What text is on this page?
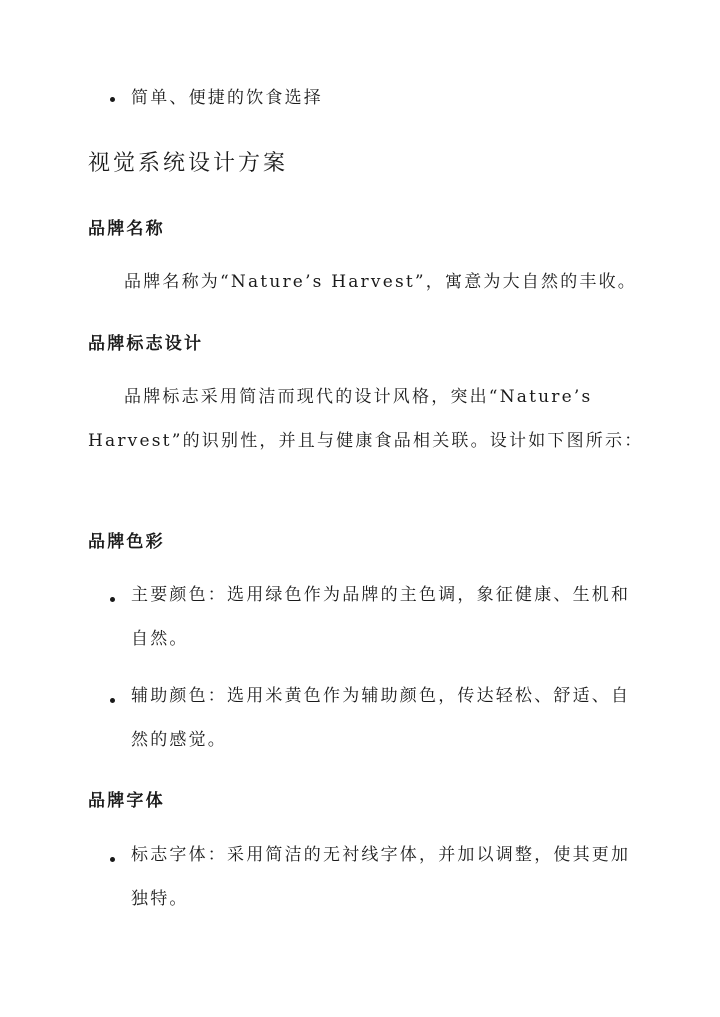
简单、便捷的饮食选择
视觉系统设计方案
品牌名称
品牌名称为“Nature’s Harvest”，寓意为大自然的丰收。
品牌标志设计
品牌标志采用简洁而现代的设计风格，突出“Nature’s
Harvest”的识别性，并且与健康食品相关联。设计如下图所示：
品牌色彩
主要颜色：选用绿色作为品牌的主色调，象征健康、生机和
自然。
辅助颜色：选用米黄色作为辅助颜色，传达轻松、舒适、自
然的感觉。
品牌字体
标志字体：采用简洁的无衬线字体，并加以调整，使其更加
独特。
